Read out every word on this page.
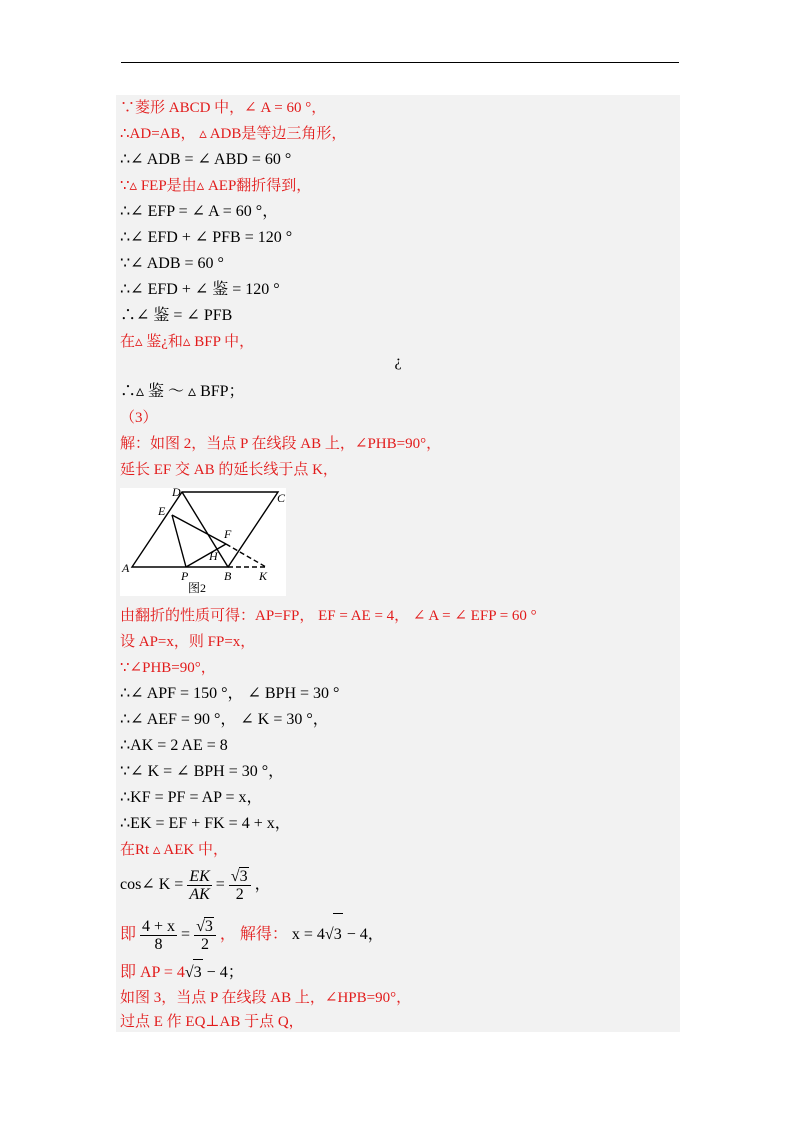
∵菱形 ABCD 中，∠ A = 60 °，
∴AD=AB， ▵ ADB是等边三角形，
∴∠ ADB = ∠ ABD = 60 °
∵▵ FEP是由▵ AEP翻折得到，
∴∠ EFP = ∠ A = 60 °，
∴∠ EFD + ∠ PFB = 120 °
∵∠ ADB = 60 °
∴∠ EFD + ∠ 鉴 = 120 °
∴∠ 鉴 = ∠ PFB
在▵ 鉴¿和▵ BFP 中，
¿
∴▵ 鉴 ～ ▵ BFP；
（3）
解：如图 2，当点 P 在线段 AB 上，∠PHB=90°，
延长 EF 交 AB 的延长线于点 K，
A
B
C
D
E
F
H
P	K
图2
由翻折的性质可得：AP=FP， EF = AE = 4， ∠ A = ∠ EFP = 60 °
设 AP=x，则 FP=x，
∵∠PHB=90°，
∴∠ APF = 150 °， ∠ BPH = 30 °
∴∠ AEF = 90 °， ∠ K = 30 °，
∴AK = 2 AE = 8
∵∠ K = ∠ BPH = 30 °，
∴KF = PF = AP = x，
∴EK = EF + FK = 4 + x，
在Rt ▵ AEK 中，
cos∠ $K = \frac{EK}{AK} = \frac{√3}{2}$ ，
即 $\frac{4 + x}{8} = \frac{√3}{2}$ ， 解得： x = 4√3 − 4，
即 AP = 4√3 − 4；
如图 3，当点 P 在线段 AB 上，∠HPB=90°，
过点 E 作 EQ⊥AB 于点 Q，
